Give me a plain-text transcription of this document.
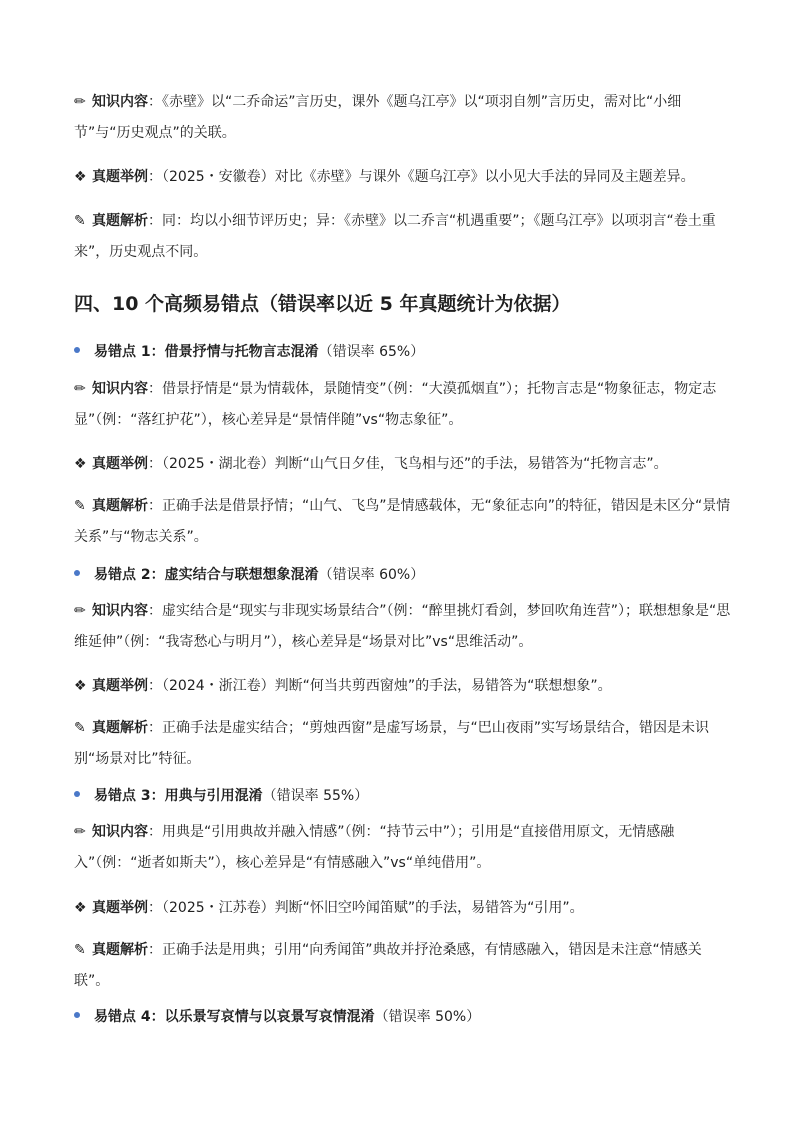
✏ 知识内容：《赤壁》以“二乔命运”言历史，课外《题乌江亭》以“项羽自刎”言历史，需对比“小细节”与“历史观点”的关联。
❖ 真题举例：（2025・安徽卷）对比《赤壁》与课外《题乌江亭》以小见大手法的异同及主题差异。
✎ 真题解析：同：均以小细节评历史；异：《赤壁》以二乔言“机遇重要”；《题乌江亭》以项羽言“卷土重来”，历史观点不同。
四、10 个高频易错点（错误率以近 5 年真题统计为依据）
易错点 1：借景抒情与托物言志混淆（错误率 65%）
✏ 知识内容：借景抒情是“景为情载体，景随情变”（例：“大漠孤烟直”）；托物言志是“物象征志，物定志显”（例：“落红护花”），核心差异是“景情伴随”vs“物志象征”。
❖ 真题举例：（2025・湖北卷）判断“山气日夕佳，飞鸟相与还”的手法，易错答为“托物言志”。
✎ 真题解析：正确手法是借景抒情；“山气、飞鸟”是情感载体，无“象征志向”的特征，错因是未区分“景情关系”与“物志关系”。
易错点 2：虚实结合与联想想象混淆（错误率 60%）
✏ 知识内容：虚实结合是“现实与非现实场景结合”（例：“醉里挑灯看剑，梦回吹角连营”）；联想想象是“思维延伸”（例：“我寄愁心与明月”），核心差异是“场景对比”vs“思维活动”。
❖ 真题举例：（2024・浙江卷）判断“何当共剪西窗烛”的手法，易错答为“联想想象”。
✎ 真题解析：正确手法是虚实结合；“剪烛西窗”是虚写场景，与“巴山夜雨”实写场景结合，错因是未识别“场景对比”特征。
易错点 3：用典与引用混淆（错误率 55%）
✏ 知识内容：用典是“引用典故并融入情感”（例：“持节云中”）；引用是“直接借用原文，无情感融入”（例：“逝者如斯夫”），核心差异是“有情感融入”vs“单纯借用”。
❖ 真题举例：（2025・江苏卷）判断“怀旧空吟闻笛赋”的手法，易错答为“引用”。
✎ 真题解析：正确手法是用典；引用“向秀闻笛”典故并抒沧桑感，有情感融入，错因是未注意“情感关联”。
易错点 4：以乐景写哀情与以哀景写哀情混淆（错误率 50%）
